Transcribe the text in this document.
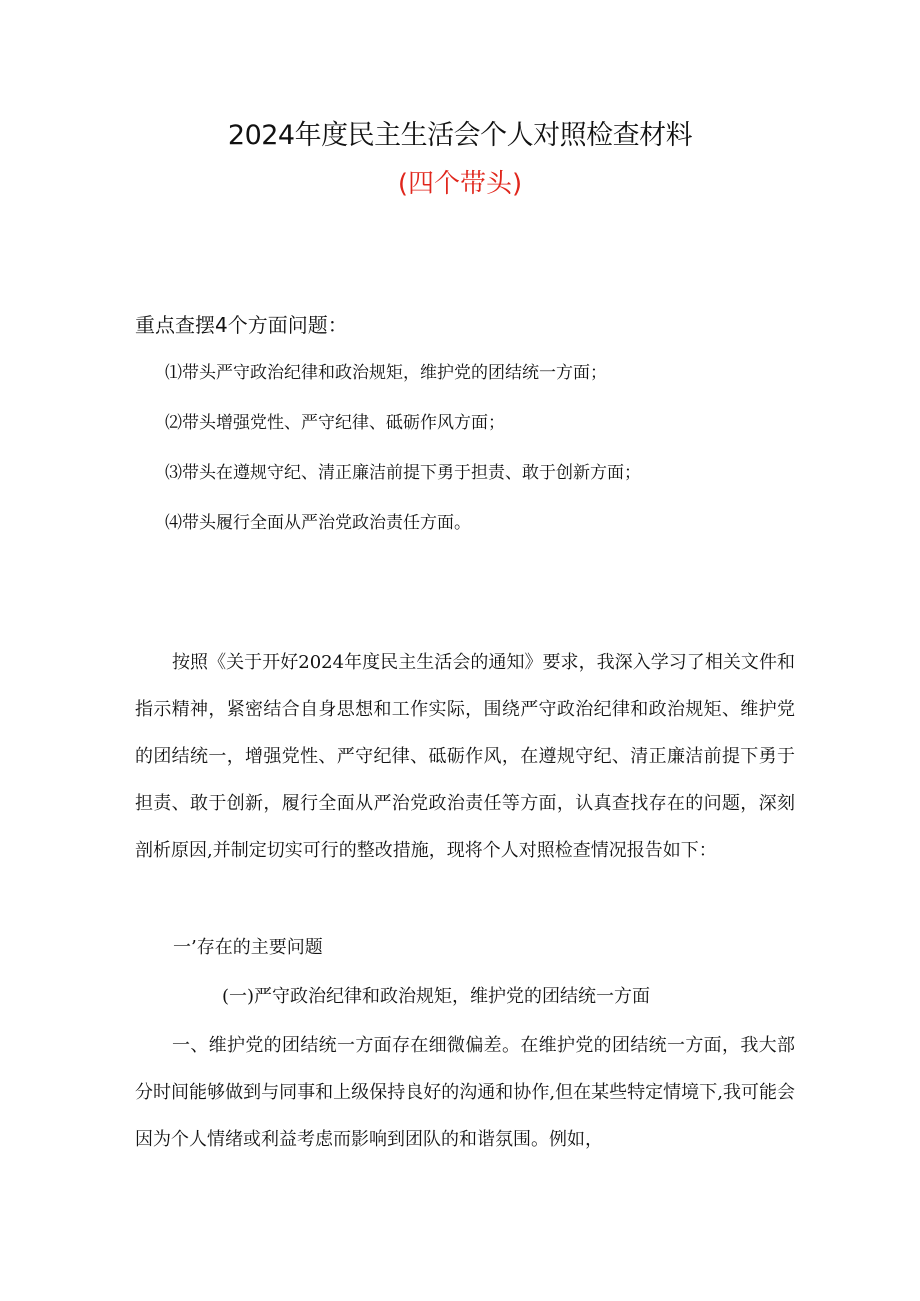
2024年度民主生活会个人对照检查材料
(四个带头)
重点查摆4个方面问题：
⑴带头严守政治纪律和政治规矩，维护党的团结统一方面；
⑵带头增强党性、严守纪律、砥砺作风方面；
⑶带头在遵规守纪、清正廉洁前提下勇于担责、敢于创新方面；
⑷带头履行全面从严治党政治责任方面。

按照《关于开好2024年度民主生活会的通知》要求，我深入学习了相关文件和指示精神，紧密结合自身思想和工作实际，围绕严守政治纪律和政治规矩、维护党的团结统一，增强党性、严守纪律、砥砺作风，在遵规守纪、清正廉洁前提下勇于担责、敢于创新，履行全面从严治党政治责任等方面，认真查找存在的问题，深刻剖析原因,并制定切实可行的整改措施，现将个人对照检查情况报告如下：

一’存在的主要问题
(一)严守政治纪律和政治规矩，维护党的团结统一方面

一、维护党的团结统一方面存在细微偏差。在维护党的团结统一方面，我大部分时间能够做到与同事和上级保持良好的沟通和协作,但在某些特定情境下,我可能会因为个人情绪或利益考虑而影响到团队的和谐氛围。例如，
